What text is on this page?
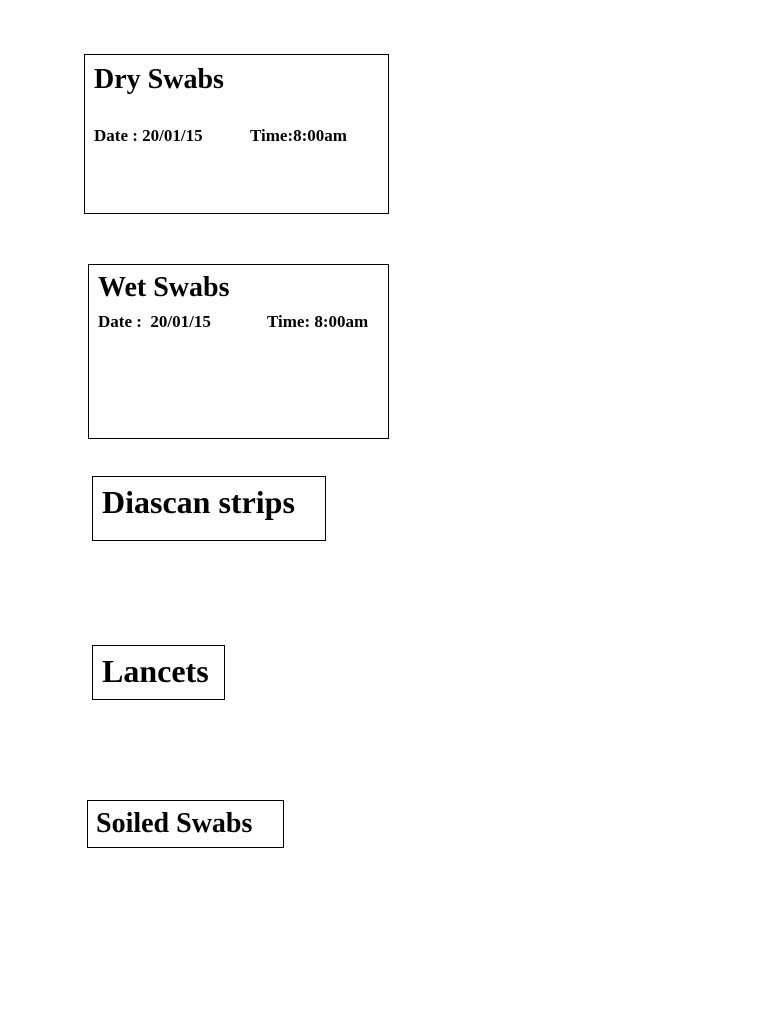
Dry Swabs
Date : 20/01/15	Time:8:00am
Wet Swabs
Date :  20/01/15	Time: 8:00am
Diascan strips
Lancets
Soiled Swabs
